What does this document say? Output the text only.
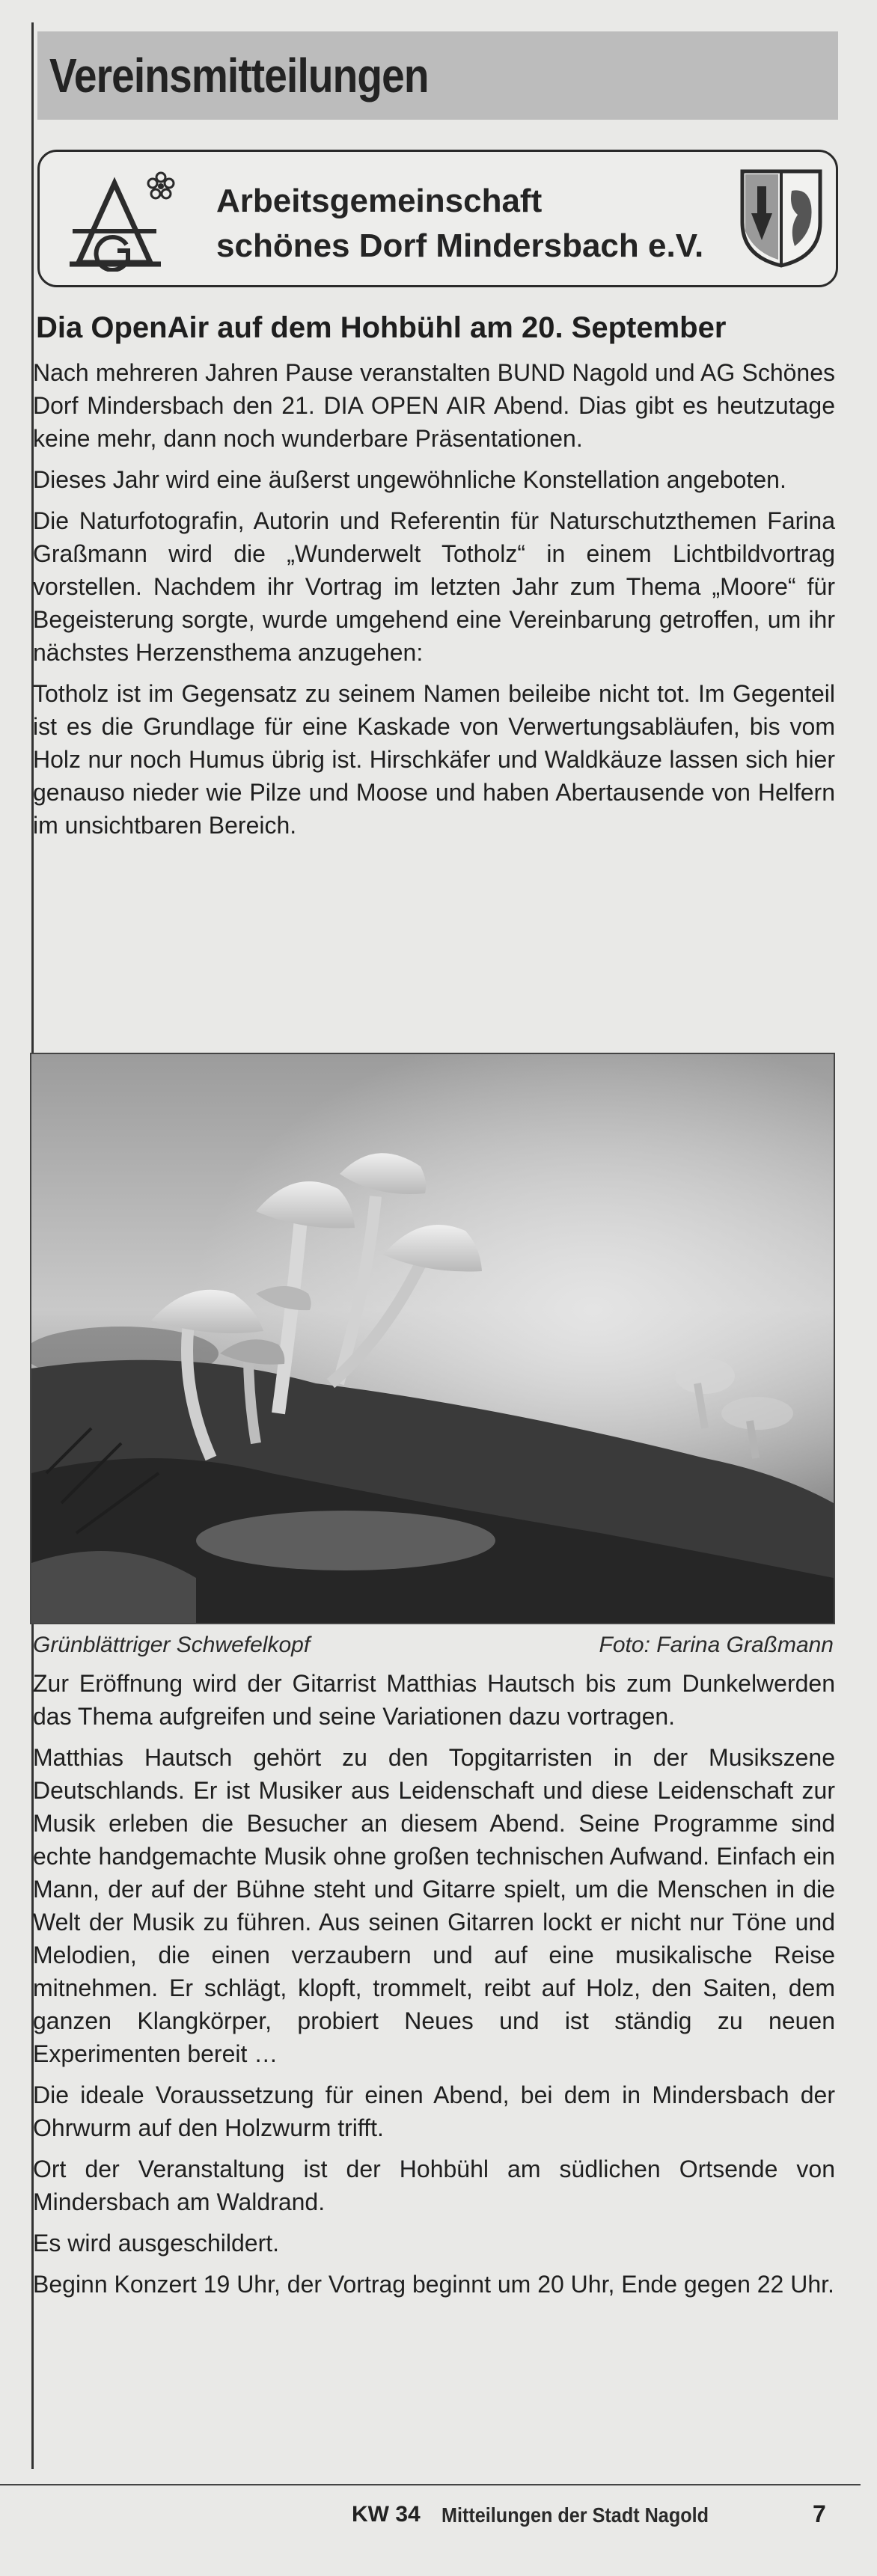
Vereinsmitteilungen
Arbeitsgemeinschaft
schönes Dorf Mindersbach e.V.
Dia OpenAir auf dem Hohbühl am 20. September

Nach mehreren Jahren Pause veranstalten BUND Nagold und AG Schönes Dorf Mindersbach den 21. DIA OPEN AIR Abend. Dias gibt es heutzutage keine mehr, dann noch wunderbare Präsentationen.

Dieses Jahr wird eine äußerst ungewöhnliche Konstellation angeboten.

Die Naturfotografin, Autorin und Referentin für Naturschutzthemen Farina Graßmann wird die „Wunderwelt Totholz“ in einem Lichtbildvortrag vorstellen. Nachdem ihr Vortrag im letzten Jahr zum Thema „Moore“ für Begeisterung sorgte, wurde umgehend eine Vereinbarung getroffen, um ihr nächstes Herzensthema anzugehen:

Totholz ist im Gegensatz zu seinem Namen beileibe nicht tot. Im Gegenteil ist es die Grundlage für eine Kaskade von Verwertungsabläufen, bis vom Holz nur noch Humus übrig ist. Hirschkäfer und Waldkäuze lassen sich hier genauso nieder wie Pilze und Moose und haben Abertausende von Helfern im unsichtbaren Bereich.

Grünblättriger Schwefelkopf	Foto: Farina Graßmann

Zur Eröffnung wird der Gitarrist Matthias Hautsch bis zum Dunkelwerden das Thema aufgreifen und seine Variationen dazu vortragen.

Matthias Hautsch gehört zu den Topgitarristen in der Musikszene Deutschlands. Er ist Musiker aus Leidenschaft und diese Leidenschaft zur Musik erleben die Besucher an diesem Abend. Seine Programme sind echte handgemachte Musik ohne großen technischen Aufwand. Einfach ein Mann, der auf der Bühne steht und Gitarre spielt, um die Menschen in die Welt der Musik zu führen. Aus seinen Gitarren lockt er nicht nur Töne und Melodien, die einen verzaubern und auf eine musikalische Reise mitnehmen. Er schlägt, klopft, trommelt, reibt auf Holz, den Saiten, dem ganzen Klangkörper, probiert Neues und ist ständig zu neuen Experimenten bereit …

Die ideale Voraussetzung für einen Abend, bei dem in Mindersbach der Ohrwurm auf den Holzwurm trifft.

Ort der Veranstaltung ist der Hohbühl am südlichen Ortsende von Mindersbach am Waldrand.

Es wird ausgeschildert.

Beginn Konzert 19 Uhr, der Vortrag beginnt um 20 Uhr, Ende gegen 22 Uhr.

KW 34 Mitteilungen der Stadt Nagold	7
